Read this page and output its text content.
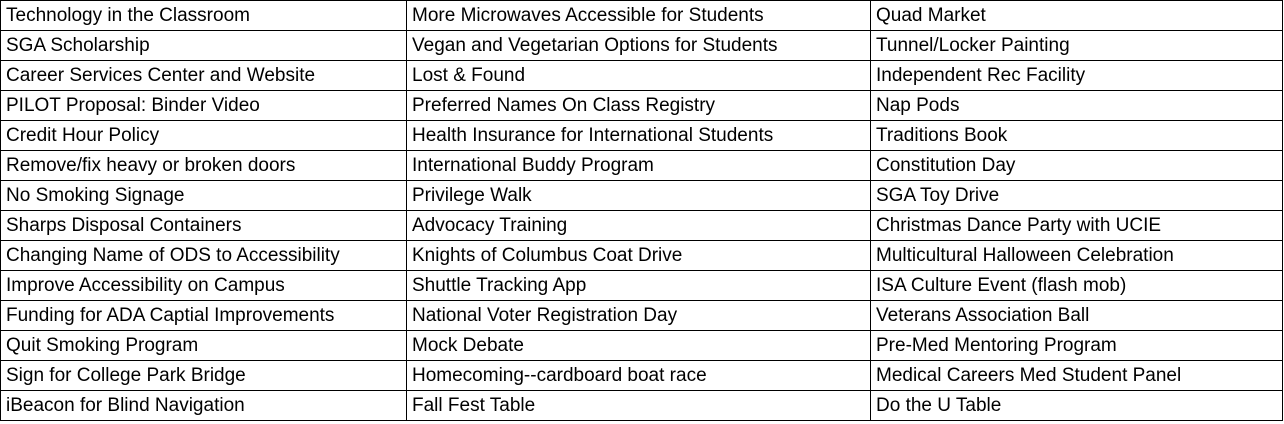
Technology in the Classroom	More Microwaves Accessible for Students	Quad Market
SGA Scholarship	Vegan and Vegetarian Options for Students	Tunnel/Locker Painting
Career Services Center and Website	Lost & Found	Independent Rec Facility
PILOT Proposal: Binder Video	Preferred Names On Class Registry	Nap Pods
Credit Hour Policy	Health Insurance for International Students	Traditions Book
Remove/fix heavy or broken doors	International Buddy Program	Constitution Day
No Smoking Signage	Privilege Walk	SGA Toy Drive
Sharps Disposal Containers	Advocacy Training	Christmas Dance Party with UCIE
Changing Name of ODS to Accessibility	Knights of Columbus Coat Drive	Multicultural Halloween Celebration
Improve Accessibility on Campus	Shuttle Tracking App	ISA Culture Event (flash mob)
Funding for ADA Captial Improvements	National Voter Registration Day	Veterans Association Ball
Quit Smoking Program	Mock Debate	Pre-Med Mentoring Program
Sign for College Park Bridge	Homecoming--cardboard boat race	Medical Careers Med Student Panel
iBeacon for Blind Navigation	Fall Fest Table	Do the U Table
